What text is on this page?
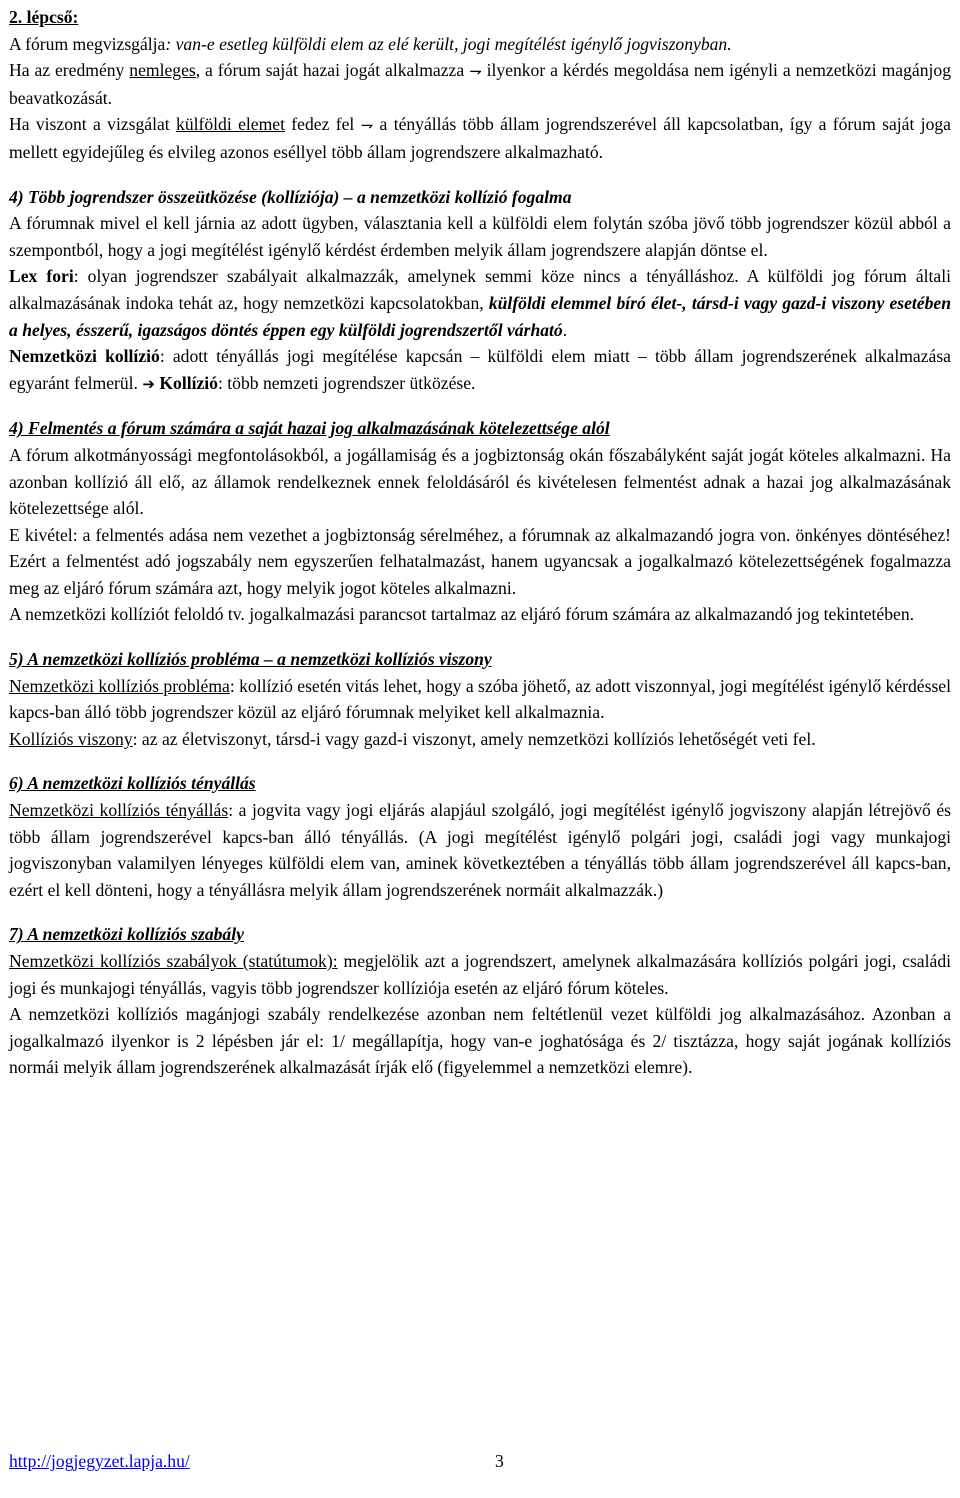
2. lépcső:

A fórum megvizsgálja: van-e esetleg külföldi elem az elé került, jogi megítélést igénylő jogviszonyban.

Ha az eredmény nemleges, a fórum saját hazai jogát alkalmazza ⇁ ilyenkor a kérdés megoldása nem igényli a nemzetközi magánjog beavatkozását.

Ha viszont a vizsgálat külföldi elemet fedez fel ⇁ a tényállás több állam jogrendszerével áll kapcsolatban, így a fórum saját joga mellett egyidejűleg és elvileg azonos eséllyel több állam jogrendszere alkalmazható.

4) Több jogrendszer összeütközése (kollíziója) – a nemzetközi kollízió fogalma

A fórumnak mivel el kell járnia az adott ügyben, választania kell a külföldi elem folytán szóba jövő több jogrendszer közül abból a szempontból, hogy a jogi megítélést igénylő kérdést érdemben melyik állam jogrendszere alapján döntse el.

Lex fori: olyan jogrendszer szabályait alkalmazzák, amelynek semmi köze nincs a tényálláshoz. A külföldi jog fórum általi alkalmazásának indoka tehát az, hogy nemzetközi kapcsolatokban, külföldi elemmel bíró élet-, társd-i vagy gazd-i viszony esetében a helyes, ésszerű, igazságos döntés éppen egy külföldi jogrendszertől várható.

Nemzetközi kollízió: adott tényállás jogi megítélése kapcsán – külföldi elem miatt – több állam jogrendszerének alkalmazása egyaránt felmerül. ➔ Kollízió: több nemzeti jogrendszer ütközése.

4) Felmentés a fórum számára a saját hazai jog alkalmazásának kötelezettsége alól

A fórum alkotmányossági megfontolásokból, a jogállamiság és a jogbiztonság okán főszabályként saját jogát köteles alkalmazni. Ha azonban kollízió áll elő, az államok rendelkeznek ennek feloldásáról és kivételesen felmentést adnak a hazai jog alkalmazásának kötelezettsége alól.

E kivétel: a felmentés adása nem vezethet a jogbiztonság sérelméhez, a fórumnak az alkalmazandó jogra von. önkényes döntéséhez! Ezért a felmentést adó jogszabály nem egyszerűen felhatalmazást, hanem ugyancsak a jogalkalmazó kötelezettségének fogalmazza meg az eljáró fórum számára azt, hogy melyik jogot köteles alkalmazni.

A nemzetközi kollíziót feloldó tv. jogalkalmazási parancsot tartalmaz az eljáró fórum számára az alkalmazandó jog tekintetében.

5) A nemzetközi kollíziós probléma – a nemzetközi kollíziós viszony

Nemzetközi kollíziós probléma: kollízió esetén vitás lehet, hogy a szóba jöhető, az adott viszonnyal, jogi megítélést igénylő kérdéssel kapcs-ban álló több jogrendszer közül az eljáró fórumnak melyiket kell alkalmaznia.

Kollíziós viszony: az az életviszonyt, társd-i vagy gazd-i viszonyt, amely nemzetközi kollíziós lehetőségét veti fel.

6) A nemzetközi kollíziós tényállás

Nemzetközi kollíziós tényállás: a jogvita vagy jogi eljárás alapjául szolgáló, jogi megítélést igénylő jogviszony alapján létrejövő és több állam jogrendszerével kapcs-ban álló tényállás. (A jogi megítélést igénylő polgári jogi, családi jogi vagy munkajogi jogviszonyban valamilyen lényeges külföldi elem van, aminek következtében a tényállás több állam jogrendszerével áll kapcs-ban, ezért el kell dönteni, hogy a tényállásra melyik állam jogrendszerének normáit alkalmazzák.)

7) A nemzetközi kollíziós szabály

Nemzetközi kollíziós szabályok (statútumok): megjelölik azt a jogrendszert, amelynek alkalmazására kollíziós polgári jogi, családi jogi és munkajogi tényállás, vagyis több jogrendszer kollíziója esetén az eljáró fórum köteles.

A nemzetközi kollíziós magánjogi szabály rendelkezése azonban nem feltétlenül vezet külföldi jog alkalmazásához. Azonban a jogalkalmazó ilyenkor is 2 lépésben jár el: 1/ megállapítja, hogy van-e joghatósága és 2/ tisztázza, hogy saját jogának kollíziós normái melyik állam jogrendszerének alkalmazását írják elő (figyelemmel a nemzetközi elemre).

http://jogjegyzet.lapja.hu/	3
